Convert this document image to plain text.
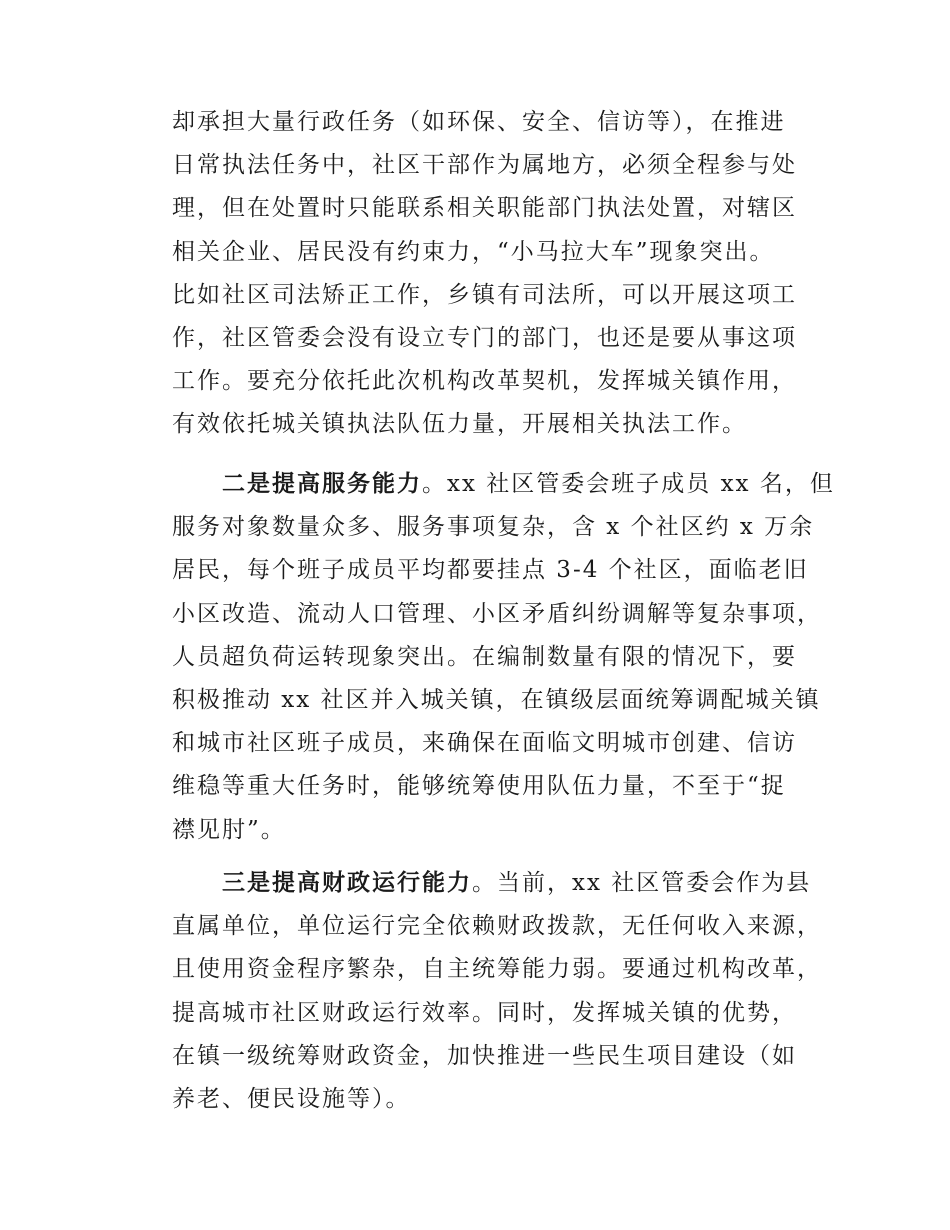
却承担大量行政任务（如环保、安全、信访等），在推进
日常执法任务中，社区干部作为属地方，必须全程参与处
理，但在处置时只能联系相关职能部门执法处置，对辖区
相关企业、居民没有约束力，“小马拉大车”现象突出。
比如社区司法矫正工作，乡镇有司法所，可以开展这项工
作，社区管委会没有设立专门的部门，也还是要从事这项
工作。要充分依托此次机构改革契机，发挥城关镇作用，
有效依托城关镇执法队伍力量，开展相关执法工作。
二是提高服务能力。xx 社区管委会班子成员 xx 名，但
服务对象数量众多、服务事项复杂，含 x 个社区约 x 万余
居民，每个班子成员平均都要挂点 3-4 个社区，面临老旧
小区改造、流动人口管理、小区矛盾纠纷调解等复杂事项，
人员超负荷运转现象突出。在编制数量有限的情况下，要
积极推动 xx 社区并入城关镇，在镇级层面统筹调配城关镇
和城市社区班子成员，来确保在面临文明城市创建、信访
维稳等重大任务时，能够统筹使用队伍力量，不至于“捉
襟见肘”。
三是提高财政运行能力。当前，xx 社区管委会作为县
直属单位，单位运行完全依赖财政拨款，无任何收入来源，
且使用资金程序繁杂，自主统筹能力弱。要通过机构改革，
提高城市社区财政运行效率。同时，发挥城关镇的优势，
在镇一级统筹财政资金，加快推进一些民生项目建设（如
养老、便民设施等）。
